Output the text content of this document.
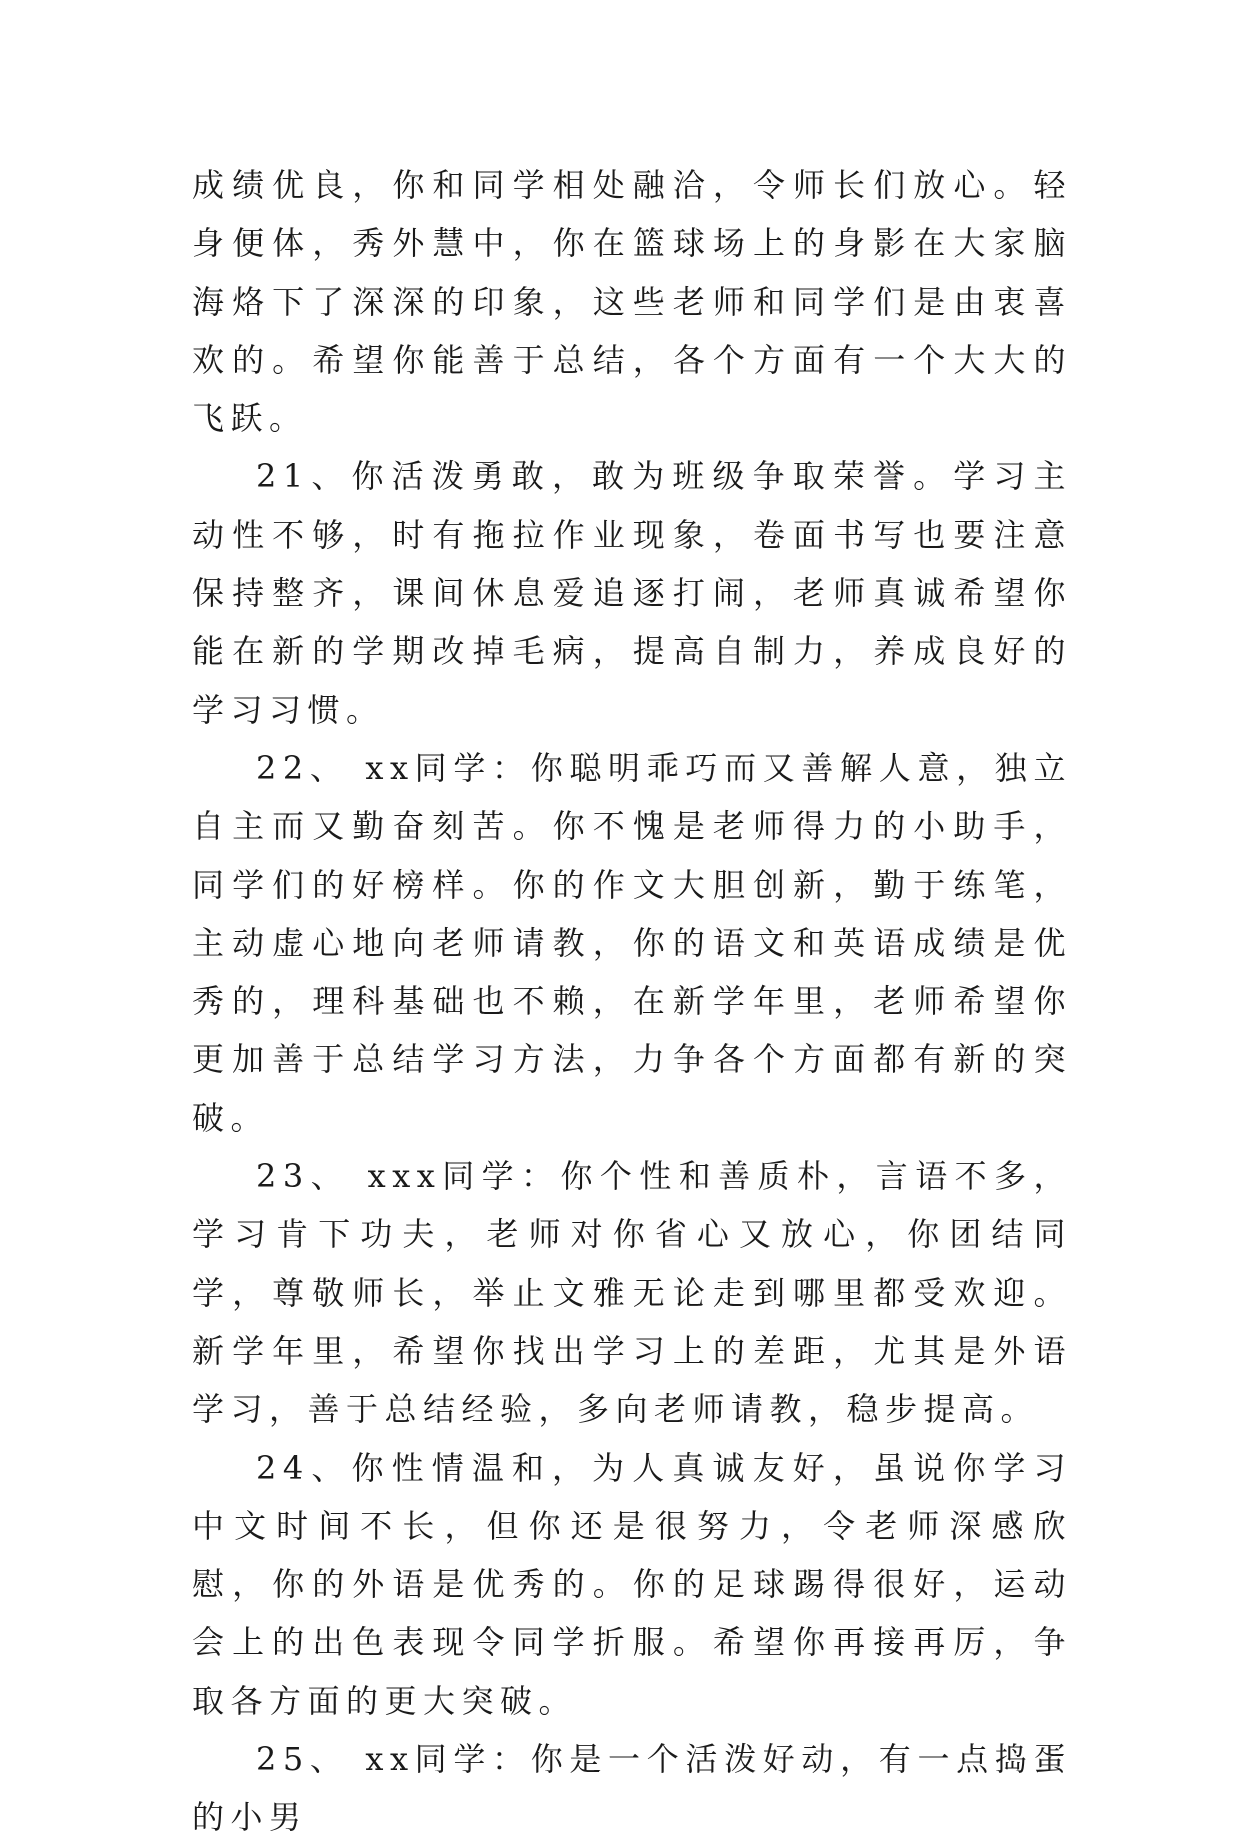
成绩优良，你和同学相处融洽，令师长们放心。轻身便体，秀外慧中，你在篮球场上的身影在大家脑海烙下了深深的印象，这些老师和同学们是由衷喜欢的。希望你能善于总结，各个方面有一个大大的飞跃。

21、你活泼勇敢，敢为班级争取荣誉。学习主动性不够，时有拖拉作业现象，卷面书写也要注意保持整齐，课间休息爱追逐打闹，老师真诚希望你能在新的学期改掉毛病，提高自制力，养成良好的学习习惯。

22、 xx同学：你聪明乖巧而又善解人意，独立自主而又勤奋刻苦。你不愧是老师得力的小助手，同学们的好榜样。你的作文大胆创新，勤于练笔，主动虚心地向老师请教，你的语文和英语成绩是优秀的，理科基础也不赖，在新学年里，老师希望你更加善于总结学习方法，力争各个方面都有新的突破。

23、 xxx同学：你个性和善质朴，言语不多，学习肯下功夫，老师对你省心又放心，你团结同学，尊敬师长，举止文雅无论走到哪里都受欢迎。新学年里，希望你找出学习上的差距，尤其是外语学习，善于总结经验，多向老师请教，稳步提高。

24、你性情温和，为人真诚友好，虽说你学习中文时间不长，但你还是很努力，令老师深感欣慰，你的外语是优秀的。你的足球踢得很好，运动会上的出色表现令同学折服。希望你再接再厉，争取各方面的更大突破。

25、 xx同学：你是一个活泼好动，有一点捣蛋的小男
